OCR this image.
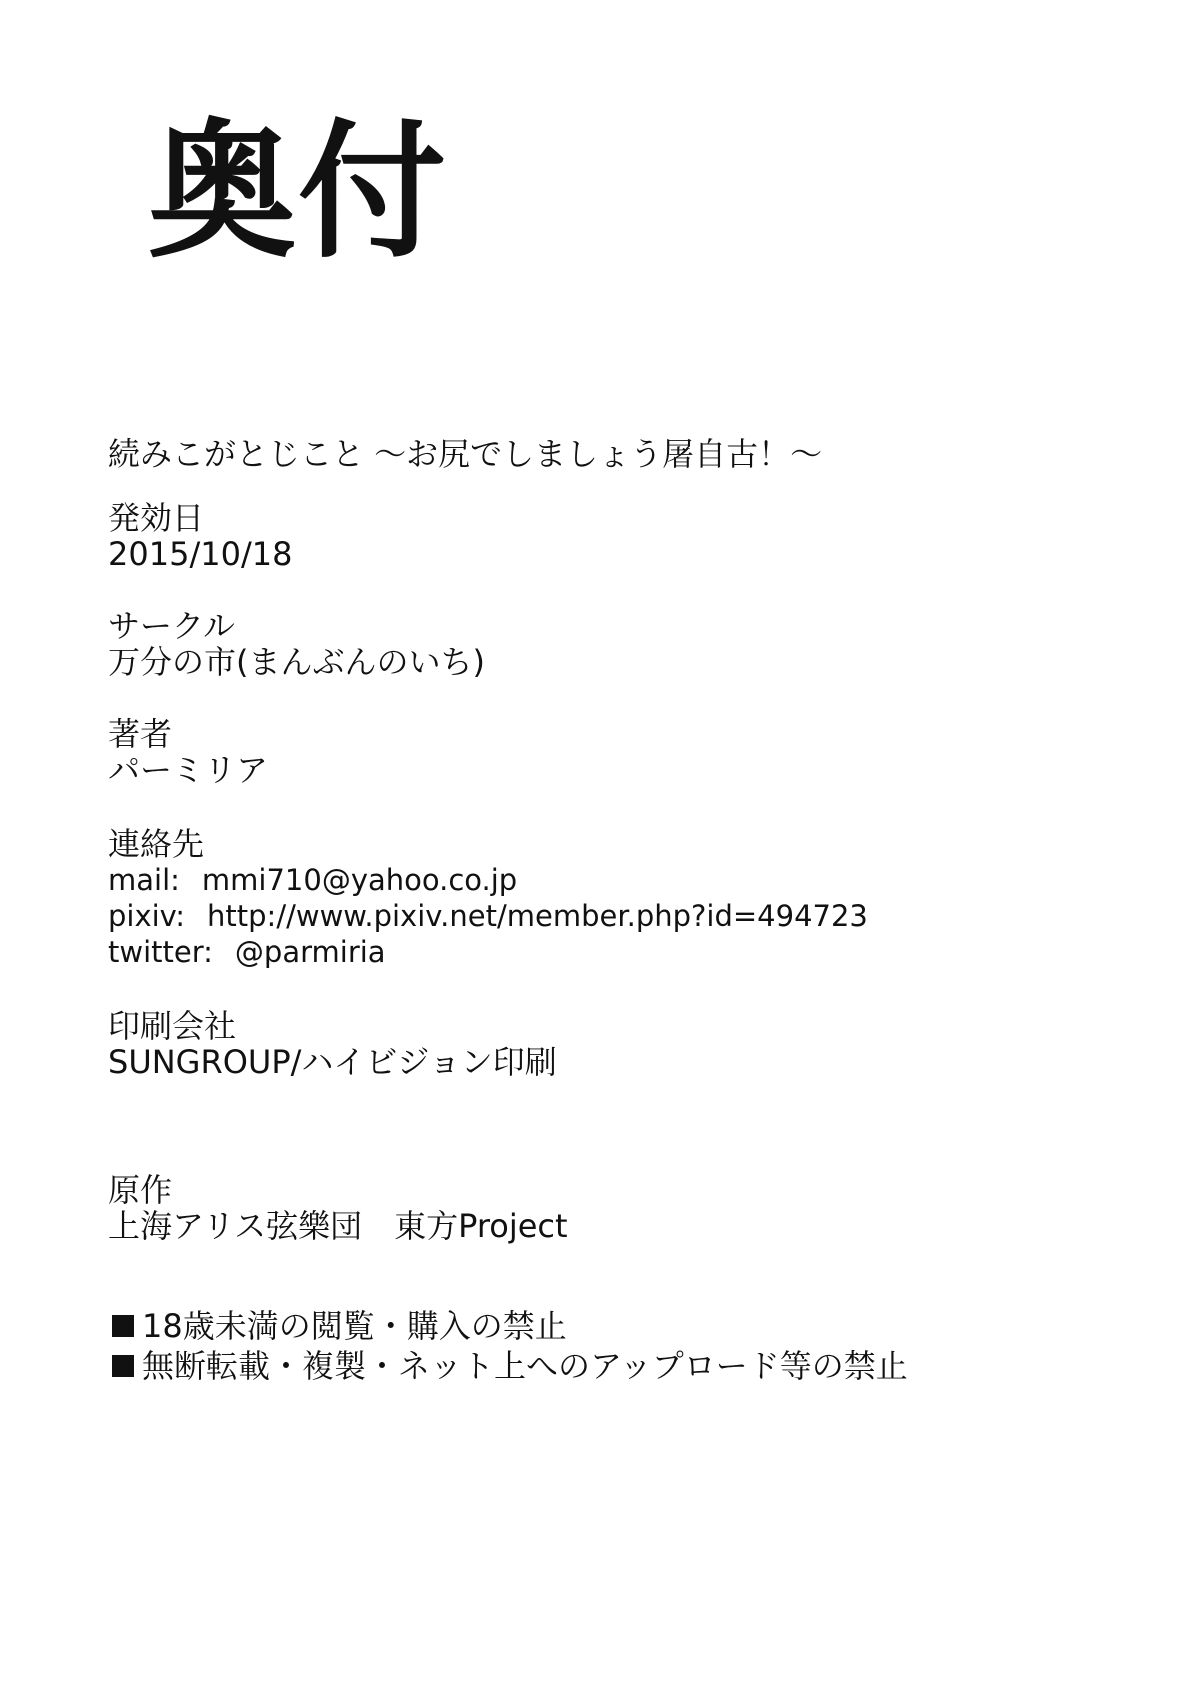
奥付
続みこがとじこと ～お尻でしましょう屠自古！～
発効日
2015/10/18
サークル
万分の市(まんぶんのいち)
著者
パーミリア
連絡先
mail: mmi710@yahoo.co.jp
pixiv: http://www.pixiv.net/member.php?id=494723
twitter: @parmiria
印刷会社
SUNGROUP/ハイビジョン印刷
原作
上海アリス弦樂団　東方Project
18歳未満の閲覧・購入の禁止
無断転載・複製・ネット上へのアップロード等の禁止
